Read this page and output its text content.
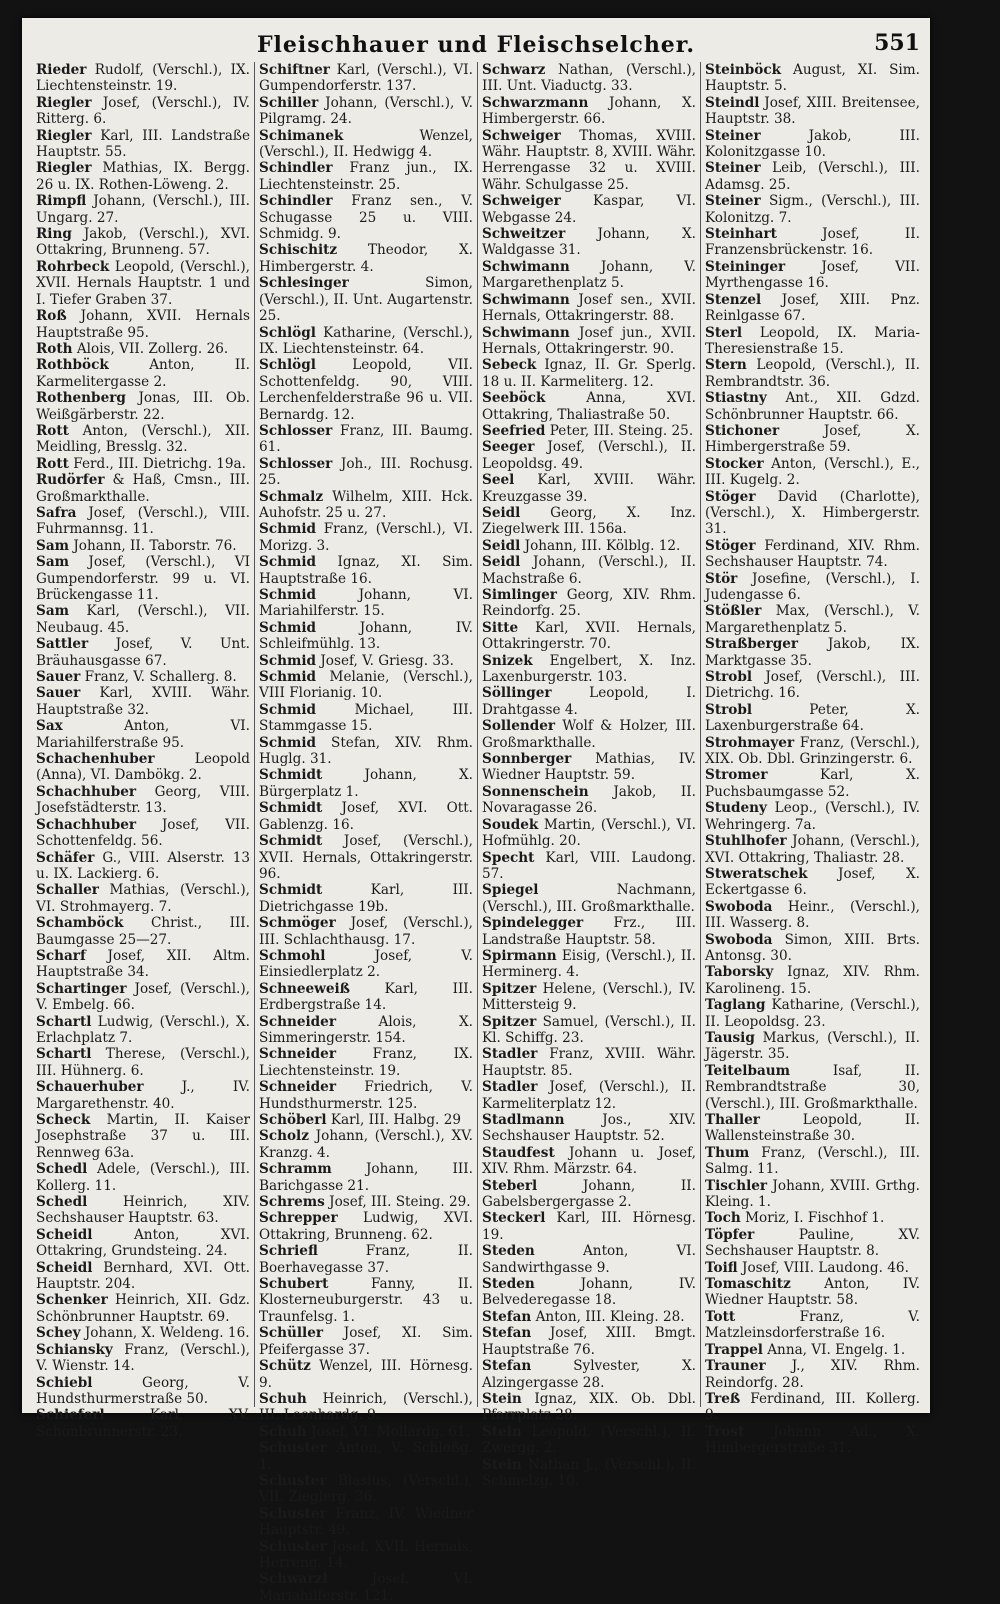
Fleischhauer und Fleischselcher.	551

Rieder Rudolf, (Verschl.), IX. Liechtensteinstr. 19.

Riegler Josef, (Verschl.), IV. Ritterg. 6.

Riegler Karl, III. Landstraße Hauptstr. 55.

Riegler Mathias, IX. Bergg. 26 u. IX. Rothen-Löweng. 2.

Rimpfl Johann, (Verschl.), III. Ungarg. 27.

Ring Jakob, (Verschl.), XVI. Ottakring, Brunneng. 57.

Rohrbeck Leopold, (Verschl.), XVII. Hernals Hauptstr. 1 und I. Tiefer Graben 37.

Roß Johann, XVII. Hernals Hauptstraße 95.

Roth Alois, VII. Zollerg. 26.

Rothböck Anton, II. Karmelitergasse 2.

Rothenberg Jonas, III. Ob. Weißgärberstr. 22.

Rott Anton, (Verschl.), XII. Meidling, Bresslg. 32.

Rott Ferd., III. Dietrichg. 19a.

Rudörfer & Haß, Cmsn., III. Großmarkthalle.

Safra Josef, (Verschl.), VIII. Fuhrmannsg. 11.

Sam Johann, II. Taborstr. 76.

Sam Josef, (Verschl.), VI Gumpendorferstr. 99 u. VI. Brückengasse 11.

Sam Karl, (Verschl.), VII. Neubaug. 45.

Sattler Josef, V. Unt. Bräuhausgasse 67.

Sauer Franz, V. Schallerg. 8.

Sauer Karl, XVIII. Währ. Hauptstraße 32.

Sax Anton, VI. Mariahilferstraße 95.

Schachenhuber Leopold (Anna), VI. Dambökg. 2.

Schachhuber Georg, VIII. Josefstädterstr. 13.

Schachhuber Josef, VII. Schottenfeldg. 56.

Schäfer G., VIII. Alserstr. 13 u. IX. Lackierg. 6.

Schaller Mathias, (Verschl.), VI. Strohmayerg. 7.

Schamböck Christ., III. Baumgasse 25—27.

Scharf Josef, XII. Altm. Hauptstraße 34.

Schartinger Josef, (Verschl.), V. Embelg. 66.

Schartl Ludwig, (Verschl.), X. Erlachplatz 7.

Schartl Therese, (Verschl.), III. Hühnerg. 6.

Schauerhuber J., IV. Margarethenstr. 40.

Scheck Martin, II. Kaiser Josephstraße 37 u. III. Rennweg 63a.

Schedl Adele, (Verschl.), III. Kollerg. 11.

Schedl Heinrich, XIV. Sechshauser Hauptstr. 63.

Scheidl Anton, XVI. Ottakring, Grundsteing. 24.

Scheidl Bernhard, XVI. Ott. Hauptstr. 204.

Schenker Heinrich, XII. Gdz. Schönbrunner Hauptstr. 69.

Schey Johann, X. Weldeng. 16.

Schiansky Franz, (Verschl.), V. Wienstr. 14.

Schiebl Georg, V. Hundsthurmerstraße 50.

Schieferl Karl, XV. Schönbrunnerstr. 23.

Schiftner Karl, (Verschl.), VI. Gumpendorferstr. 137.

Schiller Johann, (Verschl.), V. Pilgramg. 24.

Schimanek Wenzel, (Verschl.), II. Hedwigg 4.

Schindler Franz jun., IX. Liechtensteinstr. 25.

Schindler Franz sen., V. Schugasse 25 u. VIII. Schmidg. 9.

Schischitz Theodor, X. Himbergerstr. 4.

Schlesinger Simon, (Verschl.), II. Unt. Augartenstr. 25.

Schlögl Katharine, (Verschl.), IX. Liechtensteinstr. 64.

Schlögl Leopold, VII. Schottenfeldg. 90, VIII. Lerchenfelderstraße 96 u. VII. Bernardg. 12.

Schlosser Franz, III. Baumg. 61.

Schlosser Joh., III. Rochusg. 25.

Schmalz Wilhelm, XIII. Hck. Auhofstr. 25 u. 27.

Schmid Franz, (Verschl.), VI. Morizg. 3.

Schmid Ignaz, XI. Sim. Hauptstraße 16.

Schmid Johann, VI. Mariahilferstr. 15.

Schmid Johann, IV. Schleifmühlg. 13.

Schmid Josef, V. Griesg. 33.

Schmid Melanie, (Verschl.), VIII Florianig. 10.

Schmid Michael, III. Stammgasse 15.

Schmid Stefan, XIV. Rhm. Huglg. 31.

Schmidt Johann, X. Bürgerplatz 1.

Schmidt Josef, XVI. Ott. Gablenzg. 16.

Schmidt Josef, (Verschl.), XVII. Hernals, Ottakringerstr. 96.

Schmidt Karl, III. Dietrichgasse 19b.

Schmöger Josef, (Verschl.), III. Schlachthausg. 17.

Schmohl Josef, V. Einsiedlerplatz 2.

Schneeweiß Karl, III. Erdbergstraße 14.

Schneider Alois, X. Simmeringerstr. 154.

Schneider Franz, IX. Liechtensteinstr. 19.

Schneider Friedrich, V. Hundsthurmerstr. 125.

Schöberl Karl, III. Halbg. 29

Scholz Johann, (Verschl.), XV. Kranzg. 4.

Schramm Johann, III. Barichgasse 21.

Schrems Josef, III. Steing. 29.

Schrepper Ludwig, XVI. Ottakring, Brunneng. 62.

Schriefl Franz, II. Boerhavegasse 37.

Schubert Fanny, II. Klosterneuburgerstr. 43 u. Traunfelsg. 1.

Schüller Josef, XI. Sim. Pfeifergasse 37.

Schütz Wenzel, III. Hörnesg. 9.

Schuh Heinrich, (Verschl.), III. Leonhardg. 9.

Schuh Josef, VI. Mollardg. 61.

Schuster Anton, V. Schloßg. 1.

Schuster Blasius, (Verschl.), VII. Zieglerg. 36.

Schuster Franz, IV. Wiedner Hauptstr. 49.

Schuster Josef, XVII. Hernals, Herreng. 14.

Schwarzl Josef, VI. Mariahilferstr. 121.

Schwarz Nathan, (Verschl.), III. Unt. Viaductg. 33.

Schwarzmann Johann, X. Himbergerstr. 66.

Schweiger Thomas, XVIII. Währ. Hauptstr. 8, XVIII. Währ. Herrengasse 32 u. XVIII. Währ. Schulgasse 25.

Schweiger Kaspar, VI. Webgasse 24.

Schweitzer Johann, X. Waldgasse 31.

Schwimann Johann, V. Margarethenplatz 5.

Schwimann Josef sen., XVII. Hernals, Ottakringerstr. 88.

Schwimann Josef jun., XVII. Hernals, Ottakringerstr. 90.

Sebeck Ignaz, II. Gr. Sperlg. 18 u. II. Karmeliterg. 12.

Seeböck Anna, XVI. Ottakring, Thaliastraße 50.

Seefried Peter, III. Steing. 25.

Seeger Josef, (Verschl.), II. Leopoldsg. 49.

Seel Karl, XVIII. Währ. Kreuzgasse 39.

Seidl Georg, X. Inz. Ziegelwerk III. 156a.

Seidl Johann, III. Kölblg. 12.

Seidl Johann, (Verschl.), II. Machstraße 6.

Simlinger Georg, XIV. Rhm. Reindorfg. 25.

Sitte Karl, XVII. Hernals, Ottakringerstr. 70.

Snizek Engelbert, X. Inz. Laxenburgerstr. 103.

Söllinger Leopold, I. Drahtgasse 4.

Sollender Wolf & Holzer, III. Großmarkthalle.

Sonnberger Mathias, IV. Wiedner Hauptstr. 59.

Sonnenschein Jakob, II. Novaragasse 26.

Soudek Martin, (Verschl.), VI. Hofmühlg. 20.

Specht Karl, VIII. Laudong. 57.

Spiegel Nachmann, (Verschl.), III. Großmarkthalle.

Spindelegger Frz., III. Landstraße Hauptstr. 58.

Spirmann Eisig, (Verschl.), II. Herminerg. 4.

Spitzer Helene, (Verschl.), IV. Mittersteig 9.

Spitzer Samuel, (Verschl.), II. Kl. Schiffg. 23.

Stadler Franz, XVIII. Währ. Hauptstr. 85.

Stadler Josef, (Verschl.), II. Karmeliterplatz 12.

Stadlmann Jos., XIV. Sechshauser Hauptstr. 52.

Staudfest Johann u. Josef, XIV. Rhm. Märzstr. 64.

Steberl Johann, II. Gabelsbergergasse 2.

Steckerl Karl, III. Hörnesg. 19.

Steden Anton, VI. Sandwirthgasse 9.

Steden Johann, IV. Belvederegasse 18.

Stefan Anton, III. Kleing. 28.

Stefan Josef, XIII. Bmgt. Hauptstraße 76.

Stefan Sylvester, X. Alzingergasse 28.

Stein Ignaz, XIX. Ob. Dbl. Pfarrplatz 28.

Stein Leopold, (Verschl.), II. Zwergg. 2.

Stein Nathan J., (Verschl.), II. Schmelzg. 10.

Steinböck August, XI. Sim. Hauptstr. 5.

Steindl Josef, XIII. Breitensee, Hauptstr. 38.

Steiner Jakob, III. Kolonitzgasse 10.

Steiner Leib, (Verschl.), III. Adamsg. 25.

Steiner Sigm., (Verschl.), III. Kolonitzg. 7.

Steinhart Josef, II. Franzensbrückenstr. 16.

Steininger Josef, VII. Myrthengasse 16.

Stenzel Josef, XIII. Pnz. Reinlgasse 67.

Sterl Leopold, IX. Maria-Theresienstraße 15.

Stern Leopold, (Verschl.), II. Rembrandtstr. 36.

Stiastny Ant., XII. Gdzd. Schönbrunner Hauptstr. 66.

Stichoner Josef, X. Himbergerstraße 59.

Stocker Anton, (Verschl.), E., III. Kugelg. 2.

Stöger David (Charlotte), (Verschl.), X. Himbergerstr. 31.

Stöger Ferdinand, XIV. Rhm. Sechshauser Hauptstr. 74.

Stör Josefine, (Verschl.), I. Judengasse 6.

Stößler Max, (Verschl.), V. Margarethenplatz 5.

Straßberger Jakob, IX. Marktgasse 35.

Strobl Josef, (Verschl.), III. Dietrichg. 16.

Strobl Peter, X. Laxenburgerstraße 64.

Strohmayer Franz, (Verschl.), XIX. Ob. Dbl. Grinzingerstr. 6.

Stromer Karl, X. Puchsbaumgasse 52.

Studeny Leop., (Verschl.), IV. Wehringerg. 7a.

Stuhlhofer Johann, (Verschl.), XVI. Ottakring, Thaliastr. 28.

Stweratschek Josef, X. Eckertgasse 6.

Swoboda Heinr., (Verschl.), III. Wasserg. 8.

Swoboda Simon, XIII. Brts. Antonsg. 30.

Taborsky Ignaz, XIV. Rhm. Karolineng. 15.

Taglang Katharine, (Verschl.), II. Leopoldsg. 23.

Tausig Markus, (Verschl.), II. Jägerstr. 35.

Teitelbaum Isaf, II. Rembrandtstraße 30, (Verschl.), III. Großmarkthalle.

Thaller Leopold, II. Wallensteinstraße 30.

Thum Franz, (Verschl.), III. Salmg. 11.

Tischler Johann, XVIII. Grthg. Kleing. 1.

Toch Moriz, I. Fischhof 1.

Töpfer Pauline, XV. Sechshauser Hauptstr. 8.

Toifl Josef, VIII. Laudong. 46.

Tomaschitz Anton, IV. Wiedner Hauptstr. 58.

Tott Franz, V. Matzleinsdorferstraße 16.

Trappel Anna, VI. Engelg. 1.

Trauner J., XIV. Rhm. Reindorfg. 28.

Treß Ferdinand, III. Kollerg. 9.

Trost Johann Ad., X. Himbergerstraße 31.
